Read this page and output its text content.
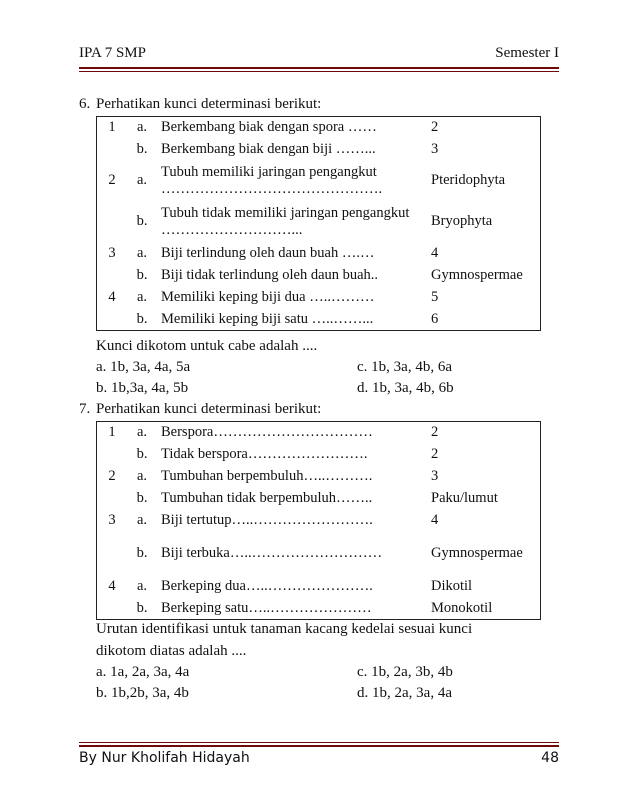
IPA 7 SMP	Semester I
6. Perhatikan kunci determinasi berikut:
1	a.	Berkembang biak dengan spora ……	2
	b.	Berkembang biak dengan biji ……...	3
2	a.	Tubuh memiliki jaringan pengangkut ……………………………………….	Pteridophyta
	b.	Tubuh tidak memiliki jaringan pengangkut ………………………...	Bryophyta
3	a.	Biji terlindung oleh daun buah ….…	4
	b.	Biji tidak terlindung oleh daun buah..	Gymnospermae
4	a.	Memiliki keping biji dua …..………	5
	b.	Memiliki keping biji satu …..……...	6
Kunci dikotom untuk cabe adalah ....
a. 1b, 3a, 4a, 5a	c. 1b, 3a, 4b, 6a
b. 1b,3a, 4a, 5b	d. 1b, 3a, 4b, 6b
7. Perhatikan kunci determinasi berikut:
1	a.	Berspora……………………………	2
	b.	Tidak berspora…………………….	2
2	a.	Tumbuhan berpembuluh…..……….	3
	b.	Tumbuhan tidak berpembuluh……..	Paku/lumut
3	a.	Biji tertutup…..…………………….	4
	b.	Biji terbuka…..………………………	Gymnospermae
4	a.	Berkeping dua…..………………….	Dikotil
	b.	Berkeping satu…..…………………	Monokotil
Urutan identifikasi untuk tanaman kacang kedelai sesuai kunci
dikotom diatas adalah ....
a. 1a, 2a, 3a, 4a	c. 1b, 2a, 3b, 4b
b. 1b,2b, 3a, 4b	d. 1b, 2a, 3a, 4a
By Nur Kholifah Hidayah	48
